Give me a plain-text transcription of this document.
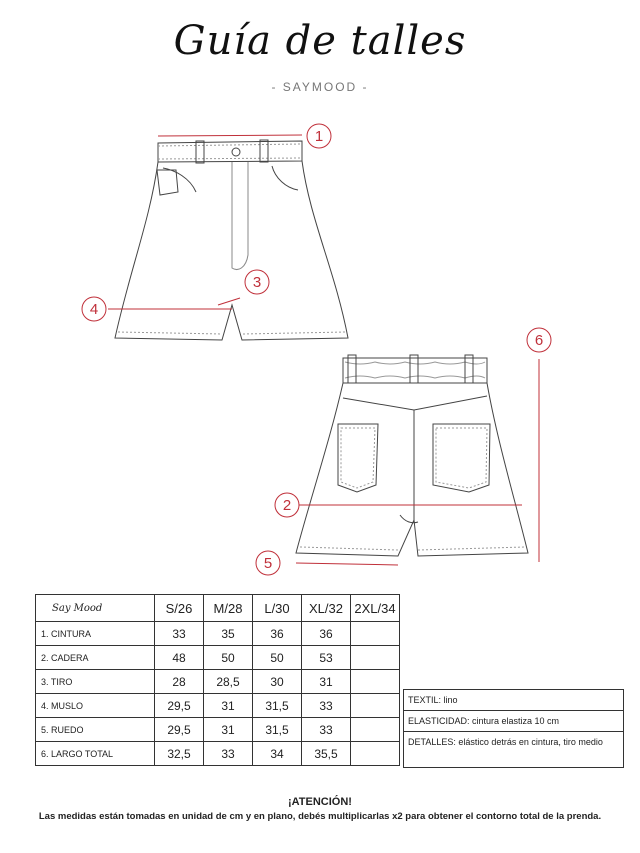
Guía de talles
- SAYMOOD -
1
3
4
6
2
5
Say Mood	S/26	M/28	L/30	XL/32	2XL/34
1. CINTURA	33	35	36	36	
2. CADERA	48	50	50	53	
3. TIRO	28	28,5	30	31	
4. MUSLO	29,5	31	31,5	33	
5. RUEDO	29,5	31	31,5	33	
6. LARGO TOTAL	32,5	33	34	35,5	
TEXTIL: lino
ELASTICIDAD: cintura elastiza 10 cm
DETALLES: elástico detrás en cintura, tiro medio
¡ATENCIÓN!
Las medidas están tomadas en unidad de cm y en plano, debés multiplicarlas x2 para obtener el contorno total de la prenda.
